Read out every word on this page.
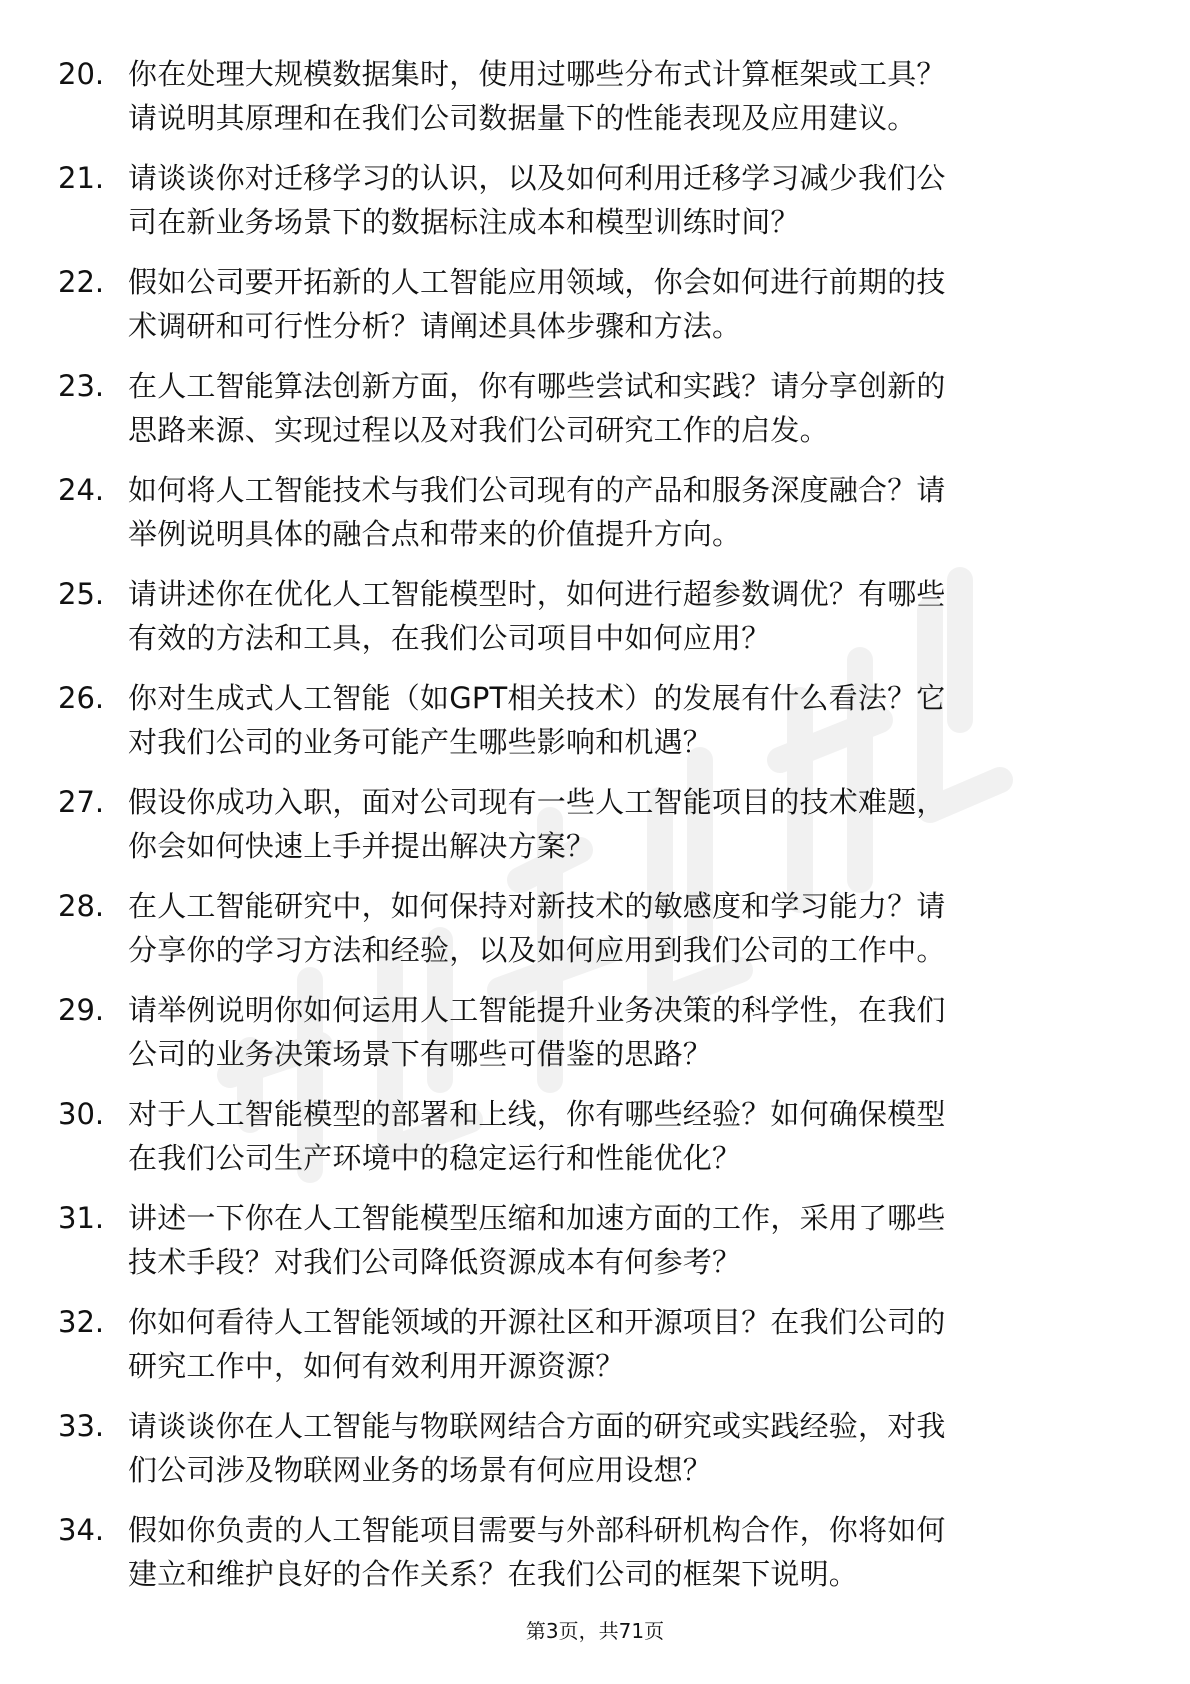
20. 你在处理大规模数据集时，使用过哪些分布式计算框架或工具？
请说明其原理和在我们公司数据量下的性能表现及应用建议。
21. 请谈谈你对迁移学习的认识，以及如何利用迁移学习减少我们公
司在新业务场景下的数据标注成本和模型训练时间？
22. 假如公司要开拓新的人工智能应用领域，你会如何进行前期的技
术调研和可行性分析？请阐述具体步骤和方法。
23. 在人工智能算法创新方面，你有哪些尝试和实践？请分享创新的
思路来源、实现过程以及对我们公司研究工作的启发。
24. 如何将人工智能技术与我们公司现有的产品和服务深度融合？请
举例说明具体的融合点和带来的价值提升方向。
25. 请讲述你在优化人工智能模型时，如何进行超参数调优？有哪些
有效的方法和工具，在我们公司项目中如何应用？
26. 你对生成式人工智能（如GPT相关技术）的发展有什么看法？它
对我们公司的业务可能产生哪些影响和机遇？
27. 假设你成功入职，面对公司现有一些人工智能项目的技术难题，
你会如何快速上手并提出解决方案？
28. 在人工智能研究中，如何保持对新技术的敏感度和学习能力？请
分享你的学习方法和经验，以及如何应用到我们公司的工作中。
29. 请举例说明你如何运用人工智能提升业务决策的科学性，在我们
公司的业务决策场景下有哪些可借鉴的思路？
30. 对于人工智能模型的部署和上线，你有哪些经验？如何确保模型
在我们公司生产环境中的稳定运行和性能优化？
31. 讲述一下你在人工智能模型压缩和加速方面的工作，采用了哪些
技术手段？对我们公司降低资源成本有何参考？
32. 你如何看待人工智能领域的开源社区和开源项目？在我们公司的
研究工作中，如何有效利用开源资源？
33. 请谈谈你在人工智能与物联网结合方面的研究或实践经验，对我
们公司涉及物联网业务的场景有何应用设想？
34. 假如你负责的人工智能项目需要与外部科研机构合作，你将如何
建立和维护良好的合作关系？在我们公司的框架下说明。
第3页，共71页
